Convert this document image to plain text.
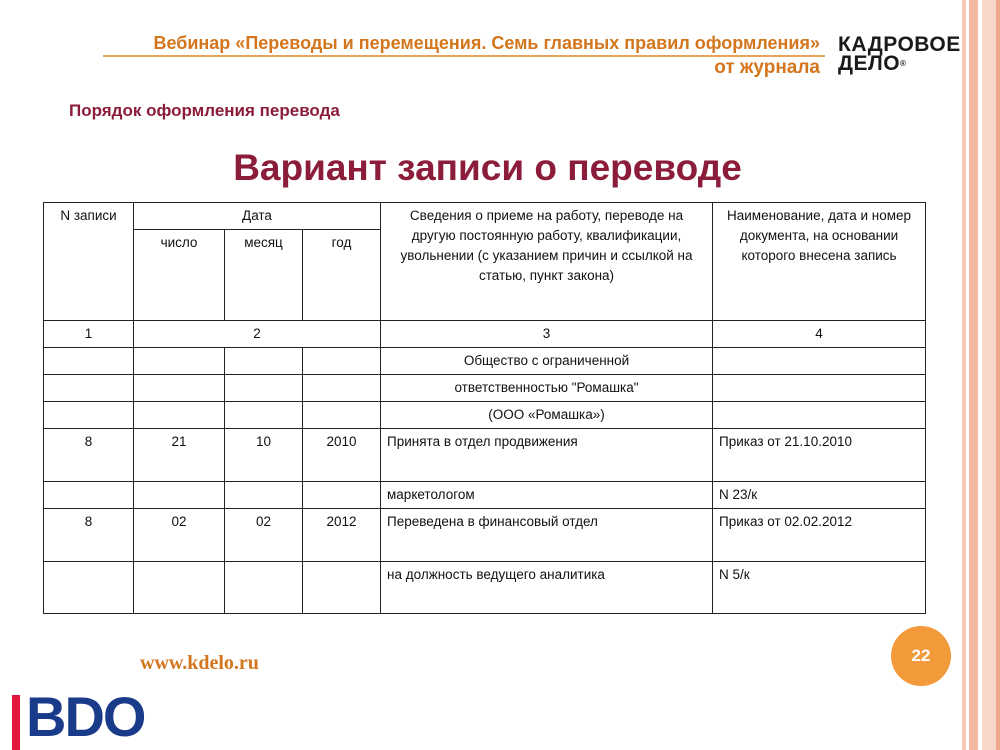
Вебинар «Переводы и перемещения. Семь главных правил оформления»
от журнала
КАДРОВОЕ
ДЕЛО®
Порядок оформления перевода
Вариант записи о переводе
N записи	Дата			Сведения о приеме на работу, переводе на другую постоянную работу, квалификации, увольнении (с указанием причин и ссылкой на статью, пункт закона)	Наименование, дата и номер документа, на основании которого внесена запись
	число	месяц	год		
1	2			3	4
				Общество с ограниченной	
				ответственностью "Ромашка"	
				(ООО «Ромашка»)	
8	21	10	2010	Принята в отдел продвижения	Приказ от 21.10.2010
				маркетологом	N 23/к
8	02	02	2012	Переведена в финансовый отдел	Приказ от 02.02.2012
				на должность ведущего аналитика	N 5/к
www.kdelo.ru	22
BDO
